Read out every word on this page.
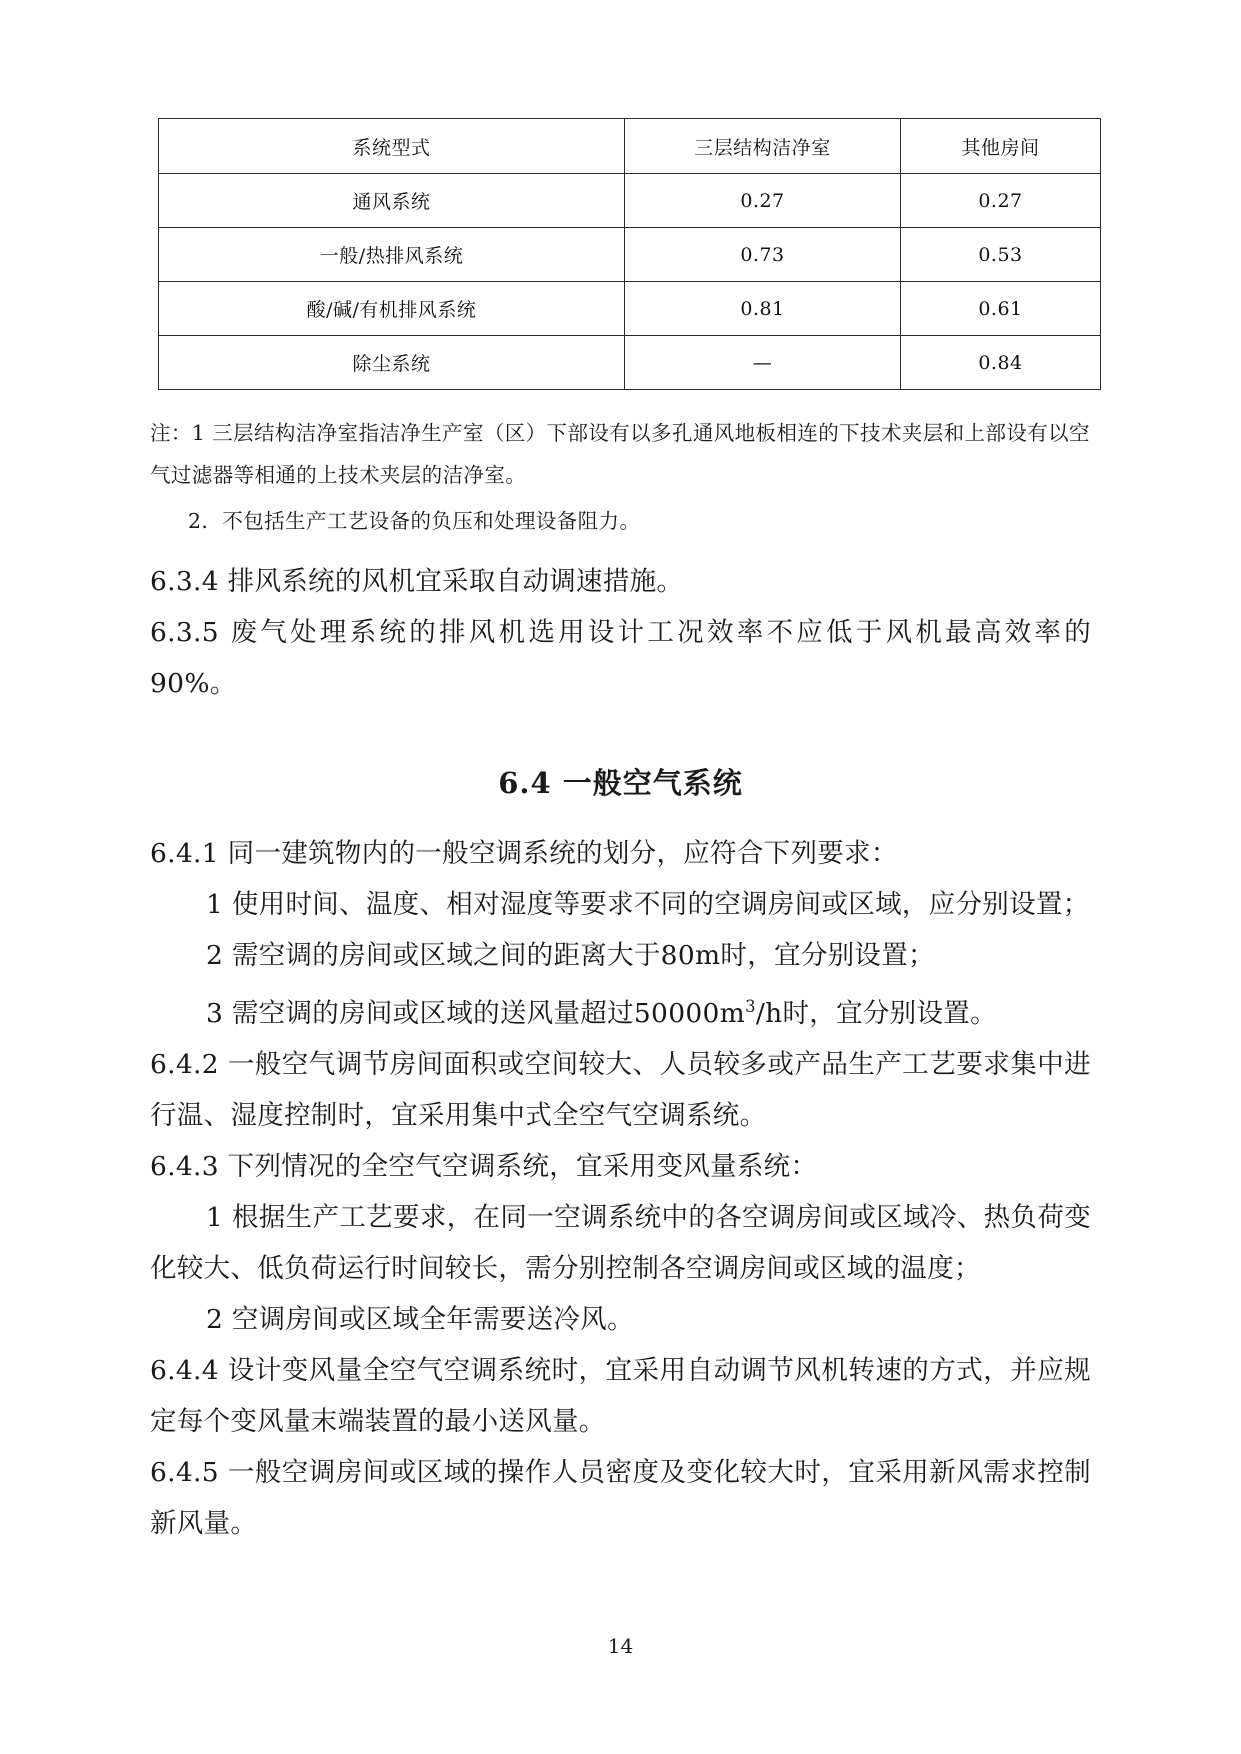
系统型式	三层结构洁净室	其他房间
通风系统	0.27	0.27
一般/热排风系统	0.73	0.53
酸/碱/有机排风系统	0.81	0.61
除尘系统	—	0.84
注：1 三层结构洁净室指洁净生产室（区）下部设有以多孔通风地板相连的下技术夹层和上部设有以空气过滤器等相通的上技术夹层的洁净室。
2．不包括生产工艺设备的负压和处理设备阻力。

6.3.4 排风系统的风机宜采取自动调速措施。

6.3.5 废气处理系统的排风机选用设计工况效率不应低于风机最高效率的90%。

6.4 一般空气系统

6.4.1 同一建筑物内的一般空调系统的划分，应符合下列要求：

1 使用时间、温度、相对湿度等要求不同的空调房间或区域，应分别设置；

2 需空调的房间或区域之间的距离大于80m时，宜分别设置；

3 需空调的房间或区域的送风量超过$50000m^3/h$时，宜分别设置。

6.4.2 一般空气调节房间面积或空间较大、人员较多或产品生产工艺要求集中进行温、湿度控制时，宜采用集中式全空气空调系统。

6.4.3 下列情况的全空气空调系统，宜采用变风量系统：

1 根据生产工艺要求，在同一空调系统中的各空调房间或区域冷、热负荷变化较大、低负荷运行时间较长，需分别控制各空调房间或区域的温度；

2 空调房间或区域全年需要送冷风。

6.4.4 设计变风量全空气空调系统时，宜采用自动调节风机转速的方式，并应规定每个变风量末端装置的最小送风量。

6.4.5 一般空调房间或区域的操作人员密度及变化较大时，宜采用新风需求控制新风量。

14
